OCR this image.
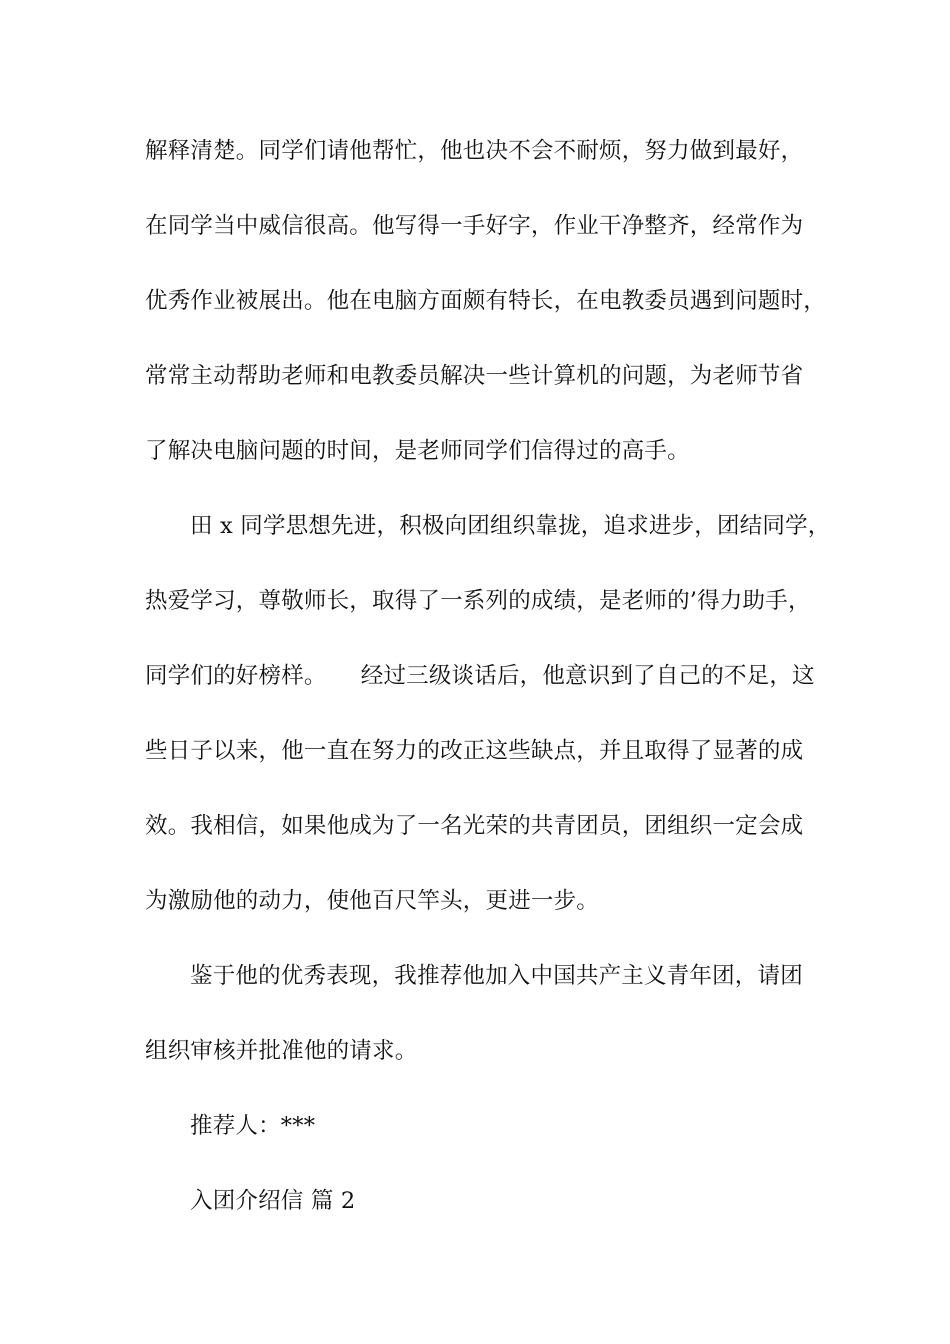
解释清楚。同学们请他帮忙，他也决不会不耐烦，努力做到最好，
在同学当中威信很高。他写得一手好字，作业干净整齐，经常作为
优秀作业被展出。他在电脑方面颇有特长，在电教委员遇到问题时，
常常主动帮助老师和电教委员解决一些计算机的问题，为老师节省
了解决电脑问题的时间，是老师同学们信得过的高手。
田 x 同学思想先进，积极向团组织靠拢，追求进步，团结同学，
热爱学习，尊敬师长，取得了一系列的成绩，是老师的’得力助手，
同学们的好榜样。　　经过三级谈话后，他意识到了自己的不足，这
些日子以来，他一直在努力的改正这些缺点，并且取得了显著的成
效。我相信，如果他成为了一名光荣的共青团员，团组织一定会成
为激励他的动力，使他百尺竿头，更进一步。
鉴于他的优秀表现，我推荐他加入中国共产主义青年团，请团
组织审核并批准他的请求。
推荐人：***
入团介绍信 篇 2
